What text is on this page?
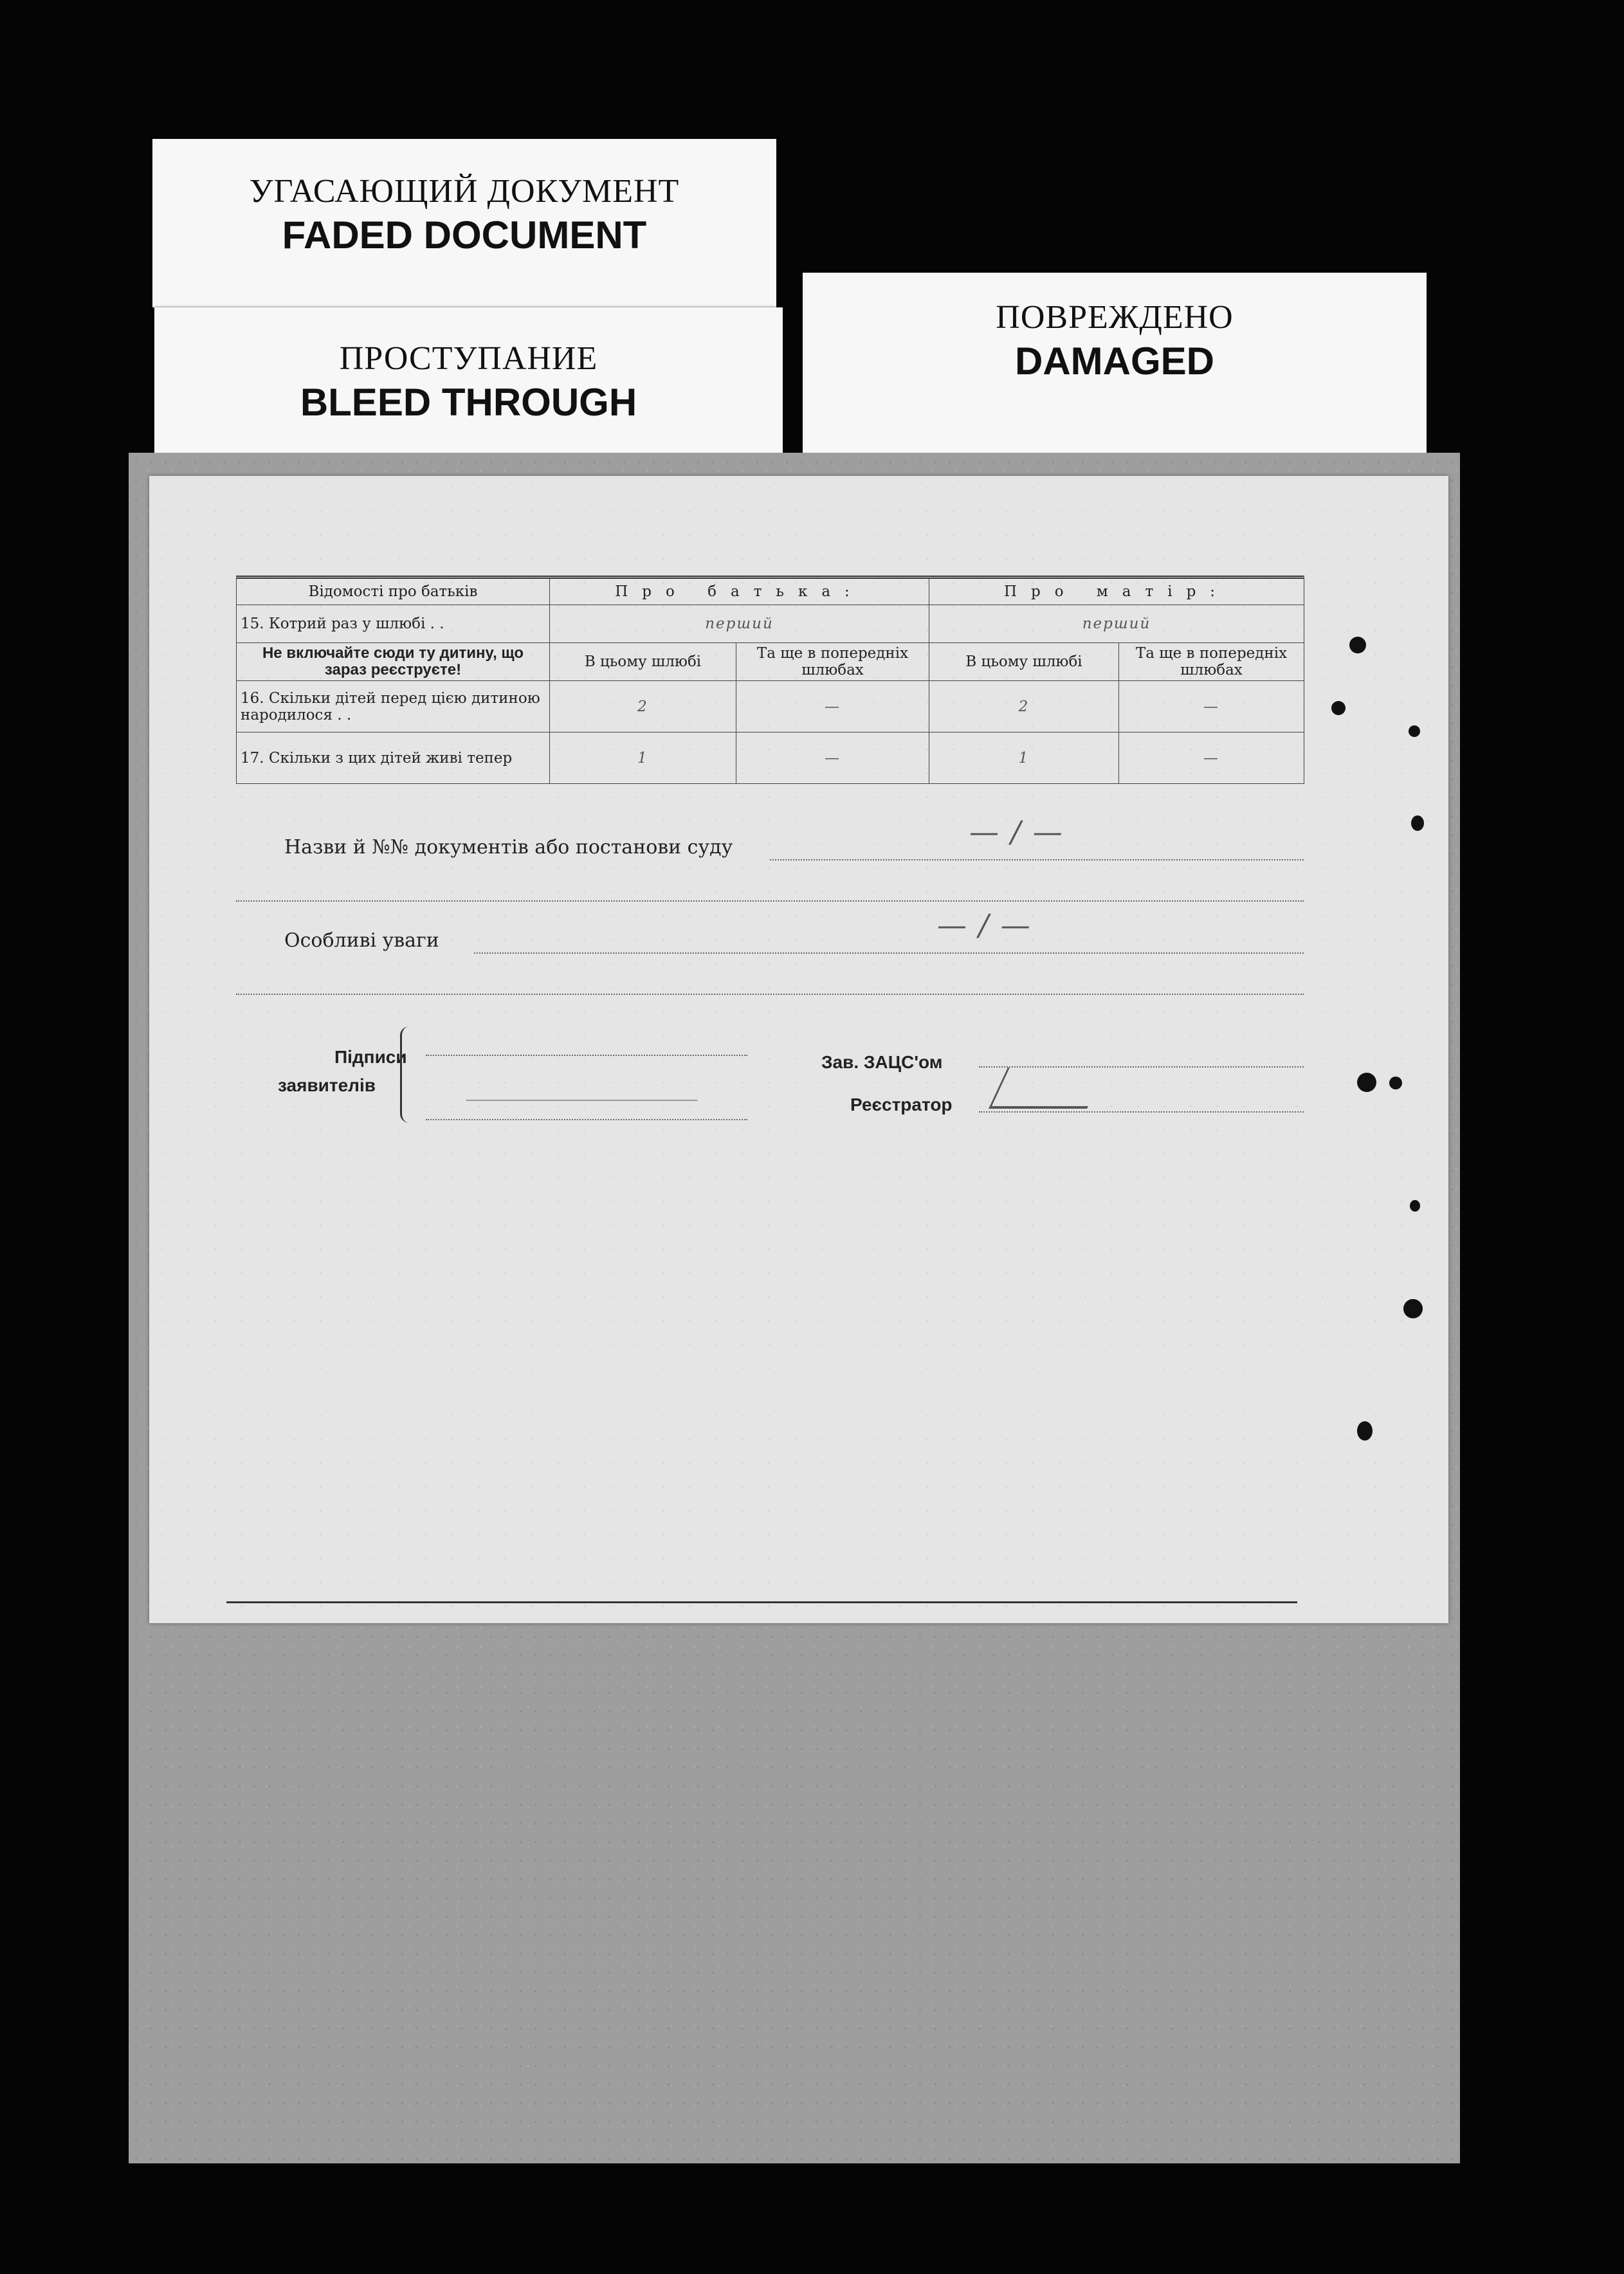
УГАСАЮЩИЙ ДОКУМЕНТ
FADED DOCUMENT
ПОВРЕЖДЕНО
DAMAGED
ПРОСТУПАНИЕ
BLEED THROUGH
Відомості про батьків	Про батька:		Про матір:	
15. Котрий раз у шлюбі . .	перший		перший	
Не включайте сюди ту дитину, що зараз реєструєте!	В цьому шлюбі	Та ще в попередніх шлюбах	В цьому шлюбі	Та ще в попередніх шлюбах
16. Скільки дітей перед цією дитиною народилося . .	2	—	2	—
17. Скільки з цих дітей живі тепер	1	—	1	—
Назви й №№ документів або постанови суду	— / —
Особливі уваги	— / —
Підписи
заявителів
Зав. ЗАЦС'ом
Реєстратор
